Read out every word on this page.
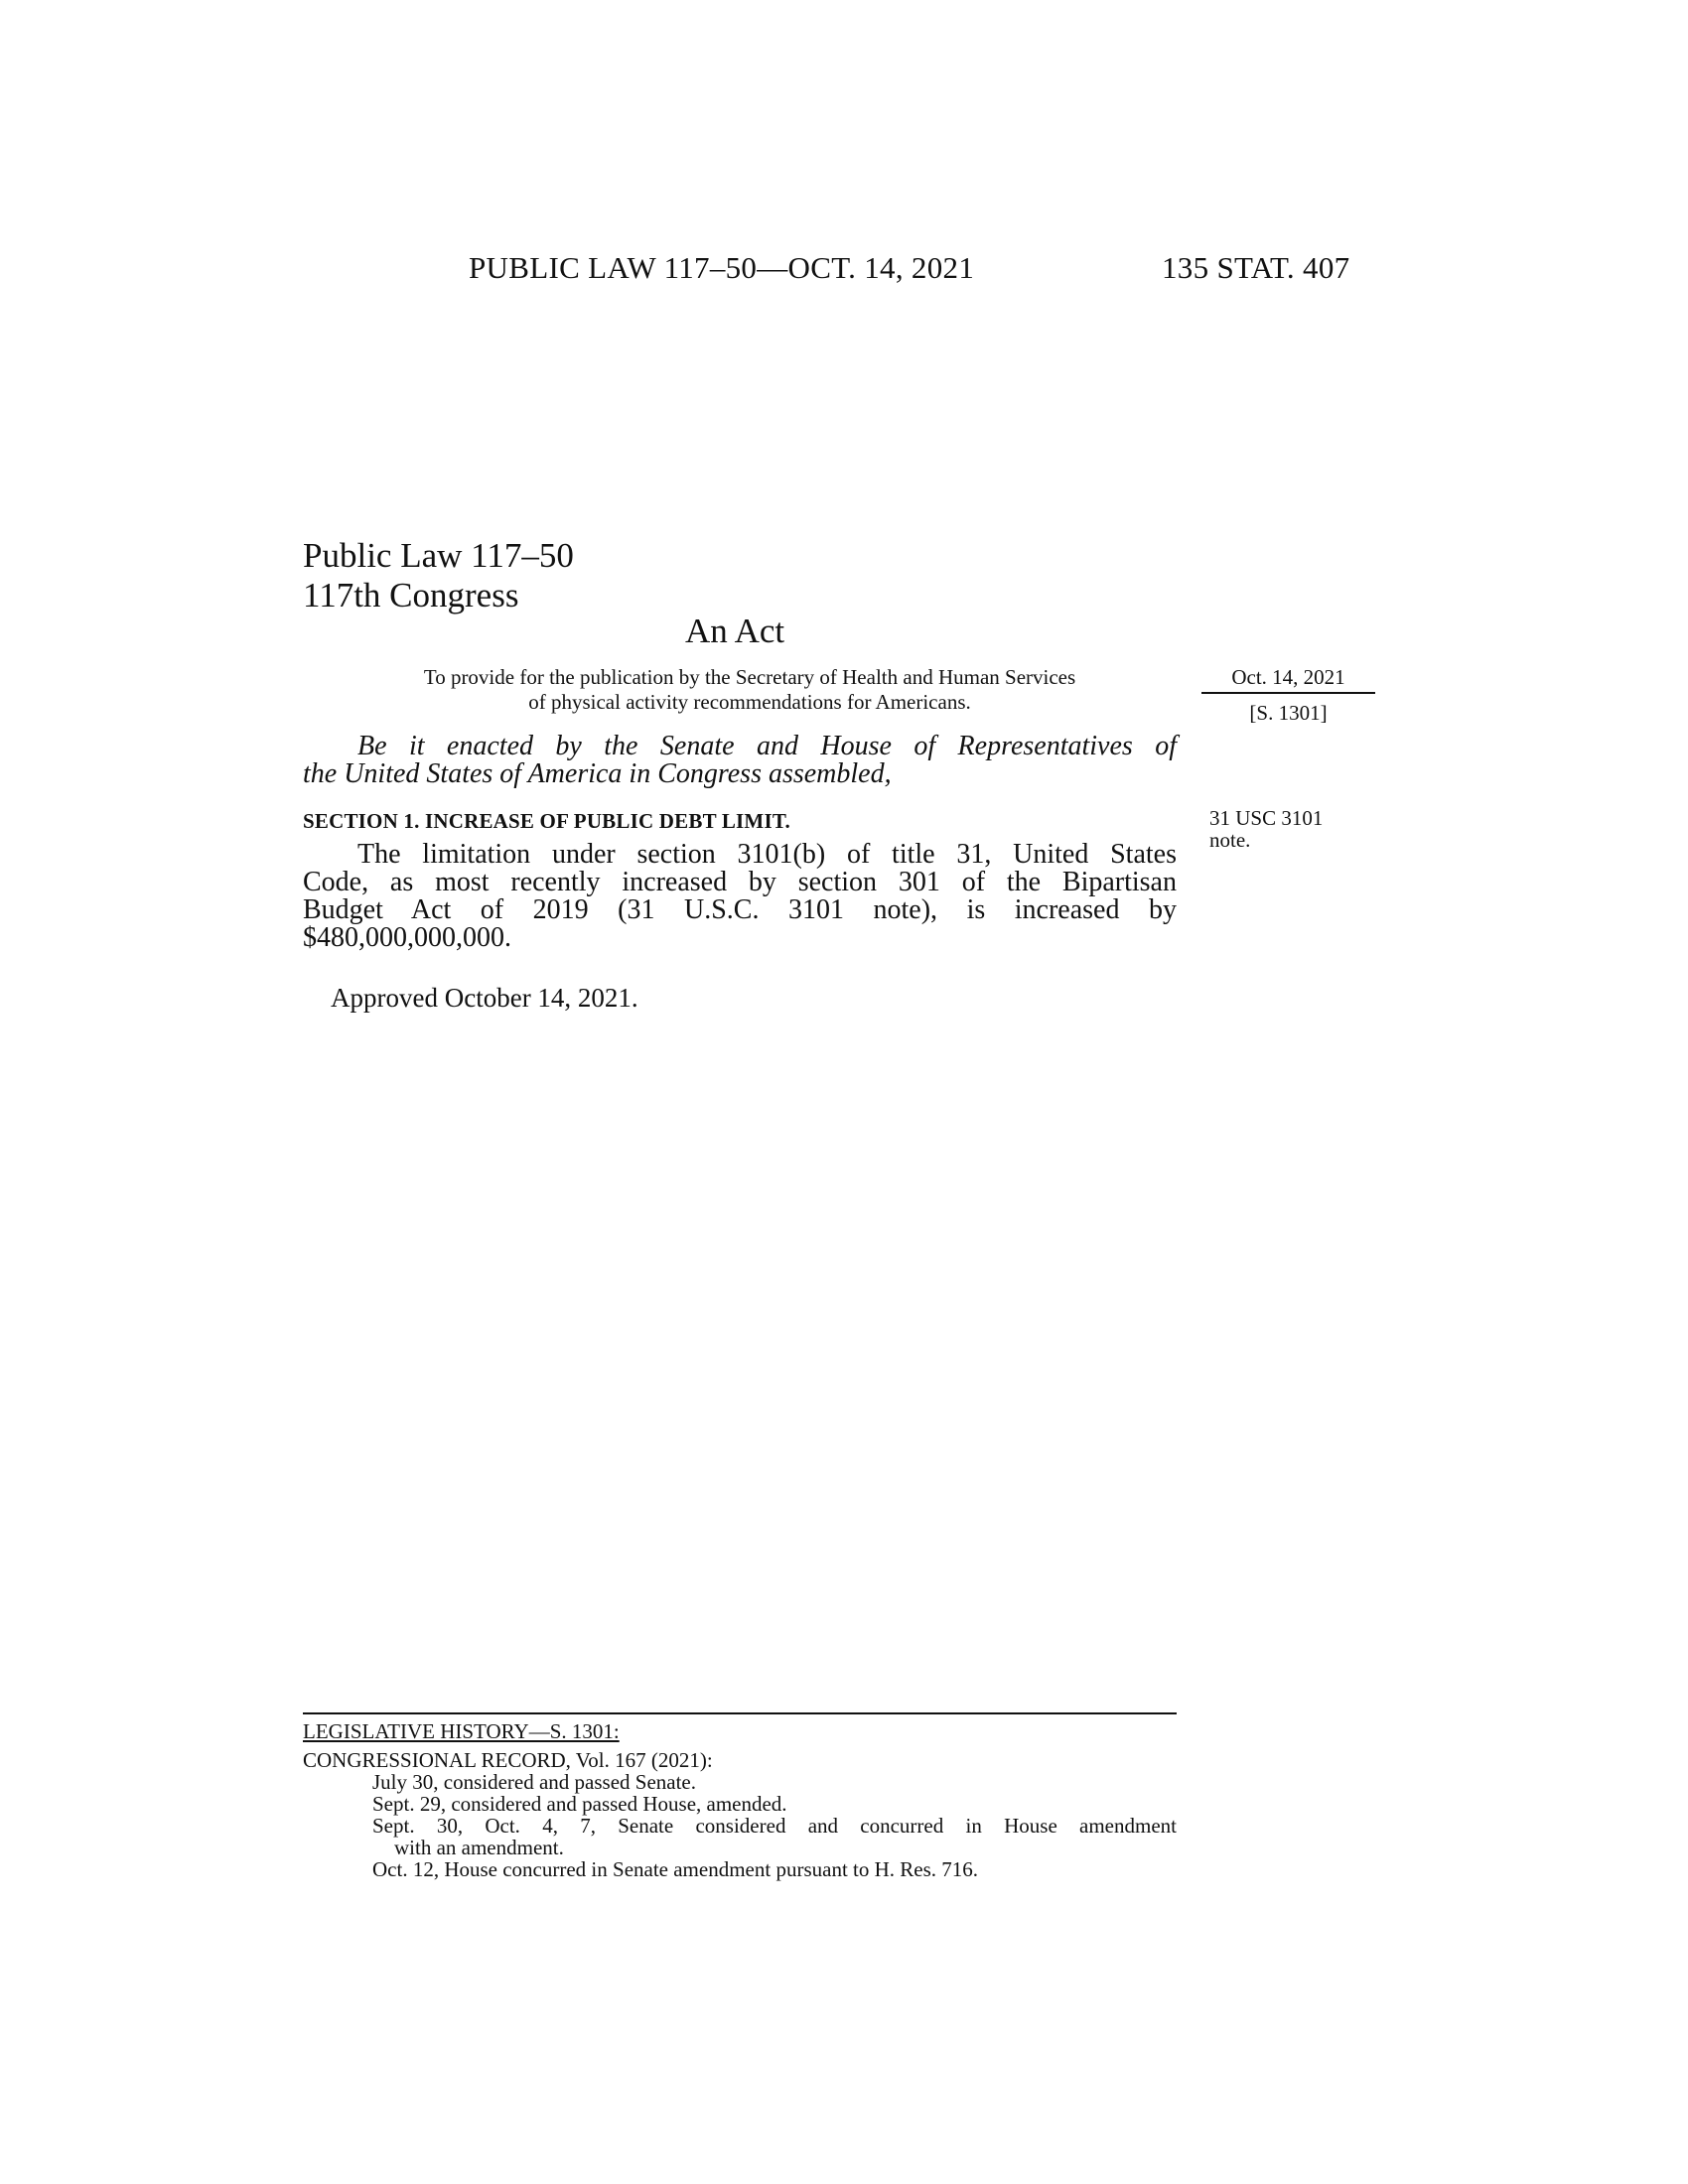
PUBLIC LAW 117–50—OCT. 14, 2021	135 STAT. 407
Public Law 117–50
117th Congress
An Act
To provide for the publication by the Secretary of Health and Human Services
of physical activity recommendations for Americans.
Oct. 14, 2021
[S. 1301]
Be it enacted by the Senate and House of Representatives of
the United States of America in Congress assembled,
SECTION 1. INCREASE OF PUBLIC DEBT LIMIT.	31 USC 3101
note.
The limitation under section 3101(b) of title 31, United States
Code, as most recently increased by section 301 of the Bipartisan
Budget Act of 2019 (31 U.S.C. 3101 note), is increased by
$480,000,000,000.
Approved October 14, 2021.
LEGISLATIVE HISTORY—S. 1301:
CONGRESSIONAL RECORD, Vol. 167 (2021):
July 30, considered and passed Senate.
Sept. 29, considered and passed House, amended.
Sept. 30, Oct. 4, 7, Senate considered and concurred in House amendment
with an amendment.
Oct. 12, House concurred in Senate amendment pursuant to H. Res. 716.
